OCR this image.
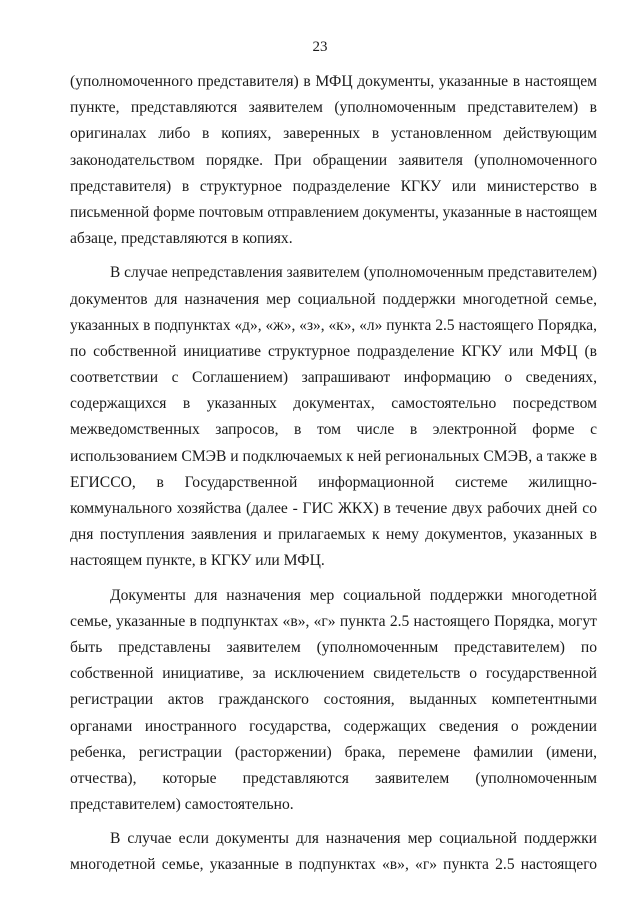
23
(уполномоченного представителя) в МФЦ документы, указанные в настоящем
пункте, представляются заявителем (уполномоченным представителем) в
оригиналах либо в копиях, заверенных в установленном действующим
законодательством порядке. При обращении заявителя (уполномоченного
представителя) в структурное подразделение КГКУ или министерство в
письменной форме почтовым отправлением документы, указанные в настоящем
абзаце, представляются в копиях.
В случае непредставления заявителем (уполномоченным представителем)
документов для назначения мер социальной поддержки многодетной семье,
указанных в подпунктах «д», «ж», «з», «к», «л» пункта 2.5 настоящего Порядка,
по собственной инициативе структурное подразделение КГКУ или МФЦ (в
соответствии с Соглашением) запрашивают информацию о сведениях,
содержащихся в указанных документах, самостоятельно посредством
межведомственных запросов, в том числе в электронной форме с
использованием СМЭВ и подключаемых к ней региональных СМЭВ, а также в
ЕГИССО, в Государственной информационной системе жилищно-
коммунального хозяйства (далее - ГИС ЖКХ) в течение двух рабочих дней со
дня поступления заявления и прилагаемых к нему документов, указанных в
настоящем пункте, в КГКУ или МФЦ.
Документы для назначения мер социальной поддержки многодетной
семье, указанные в подпунктах «в», «г» пункта 2.5 настоящего Порядка, могут
быть представлены заявителем (уполномоченным представителем) по
собственной инициативе, за исключением свидетельств о государственной
регистрации актов гражданского состояния, выданных компетентными
органами иностранного государства, содержащих сведения о рождении
ребенка, регистрации (расторжении) брака, перемене фамилии (имени,
отчества), которые представляются заявителем (уполномоченным
представителем) самостоятельно.
В случае если документы для назначения мер социальной поддержки
многодетной семье, указанные в подпунктах «в», «г» пункта 2.5 настоящего
